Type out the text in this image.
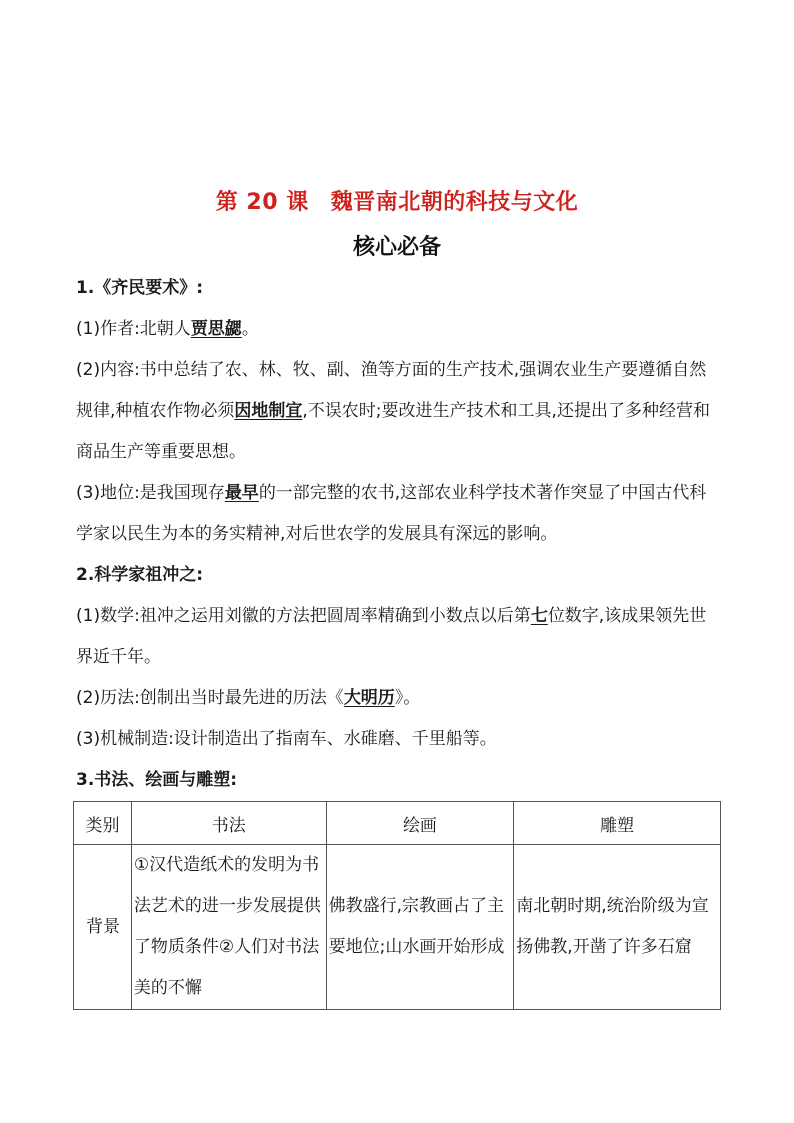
第 20 课 魏晋南北朝的科技与文化
核心必备

1.《齐民要术》:

(1)作者:北朝人贾思勰。

(2)内容:书中总结了农、林、牧、副、渔等方面的生产技术,强调农业生产要遵循自然规律,种植农作物必须因地制宜,不误农时;要改进生产技术和工具,还提出了多种经营和商品生产等重要思想。

(3)地位:是我国现存最早的一部完整的农书,这部农业科学技术著作突显了中国古代科学家以民生为本的务实精神,对后世农学的发展具有深远的影响。

2.科学家祖冲之:

(1)数学:祖冲之运用刘徽的方法把圆周率精确到小数点以后第七位数字,该成果领先世界近千年。

(2)历法:创制出当时最先进的历法《大明历》。

(3)机械制造:设计制造出了指南车、水碓磨、千里船等。

3.书法、绘画与雕塑:

类别	书法	绘画	雕塑
背景	①汉代造纸术的发明为书法艺术的进一步发展提供了物质条件②人们对书法美的不懈	佛教盛行,宗教画占了主要地位;山水画开始形成	南北朝时期,统治阶级为宣扬佛教,开凿了许多石窟
